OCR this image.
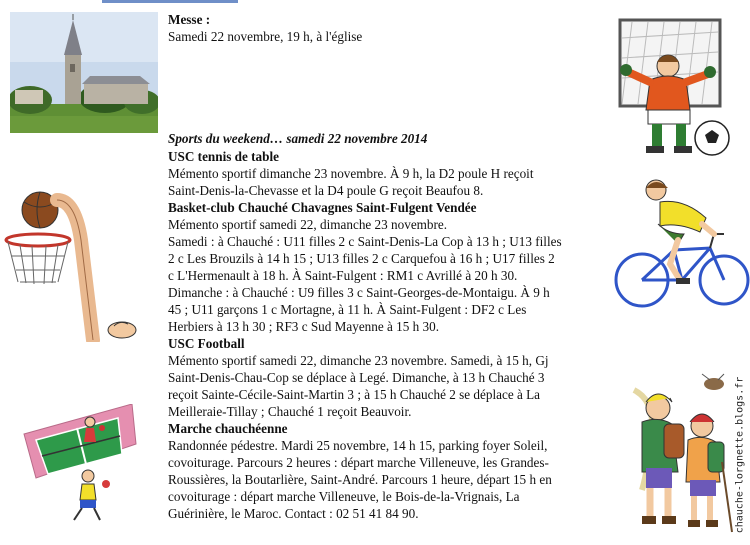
chauche-lorgnette.blogs.fr
Messe :
Samedi 22 novembre, 19 h, à l'église
Sports du weekend… samedi 22 novembre 2014
USC tennis de table
Mémento sportif dimanche 23 novembre. À 9 h, la D2 poule H reçoit
Saint-Denis-la-Chevasse et la D4 poule G reçoit Beaufou 8.
Basket-club Chauché Chavagnes Saint-Fulgent Vendée
Mémento sportif samedi 22, dimanche 23 novembre.
Samedi : à Chauché : U11 filles 2 c Saint-Denis-La Cop à 13 h ; U13 filles
2 c Les Brouzils à 14 h 15 ; U13 filles 2 c Carquefou à 16 h ; U17 filles 2
c L'Hermenault à 18 h. À Saint-Fulgent : RM1 c Avrillé à 20 h 30.
Dimanche : à Chauché : U9 filles 3 c Saint-Georges-de-Montaigu. À 9 h
45 ; U11 garçons 1 c Mortagne, à 11 h. À Saint-Fulgent : DF2 c Les
Herbiers à 13 h 30 ; RF3 c Sud Mayenne à 15 h 30.
USC Football
Mémento sportif samedi 22, dimanche 23 novembre. Samedi, à 15 h, Gj
Saint-Denis-Chau-Cop se déplace à Legé. Dimanche, à 13 h Chauché 3
reçoit Sainte-Cécile-Saint-Martin 3 ; à 15 h Chauché 2 se déplace à La
Meilleraie-Tillay ; Chauché 1 reçoit Beauvoir.
Marche chauchéenne
Randonnée pédestre. Mardi 25 novembre, 14 h 15, parking foyer Soleil,
covoiturage. Parcours 2 heures : départ marche Villeneuve, les Grandes-
Roussières, la Boutarlière, Saint-André. Parcours 1 heure, départ 15 h en
covoiturage : départ marche Villeneuve, le Bois-de-la-Vrignais, La
Guérinière, le Maroc. Contact : 02 51 41 84 90.
